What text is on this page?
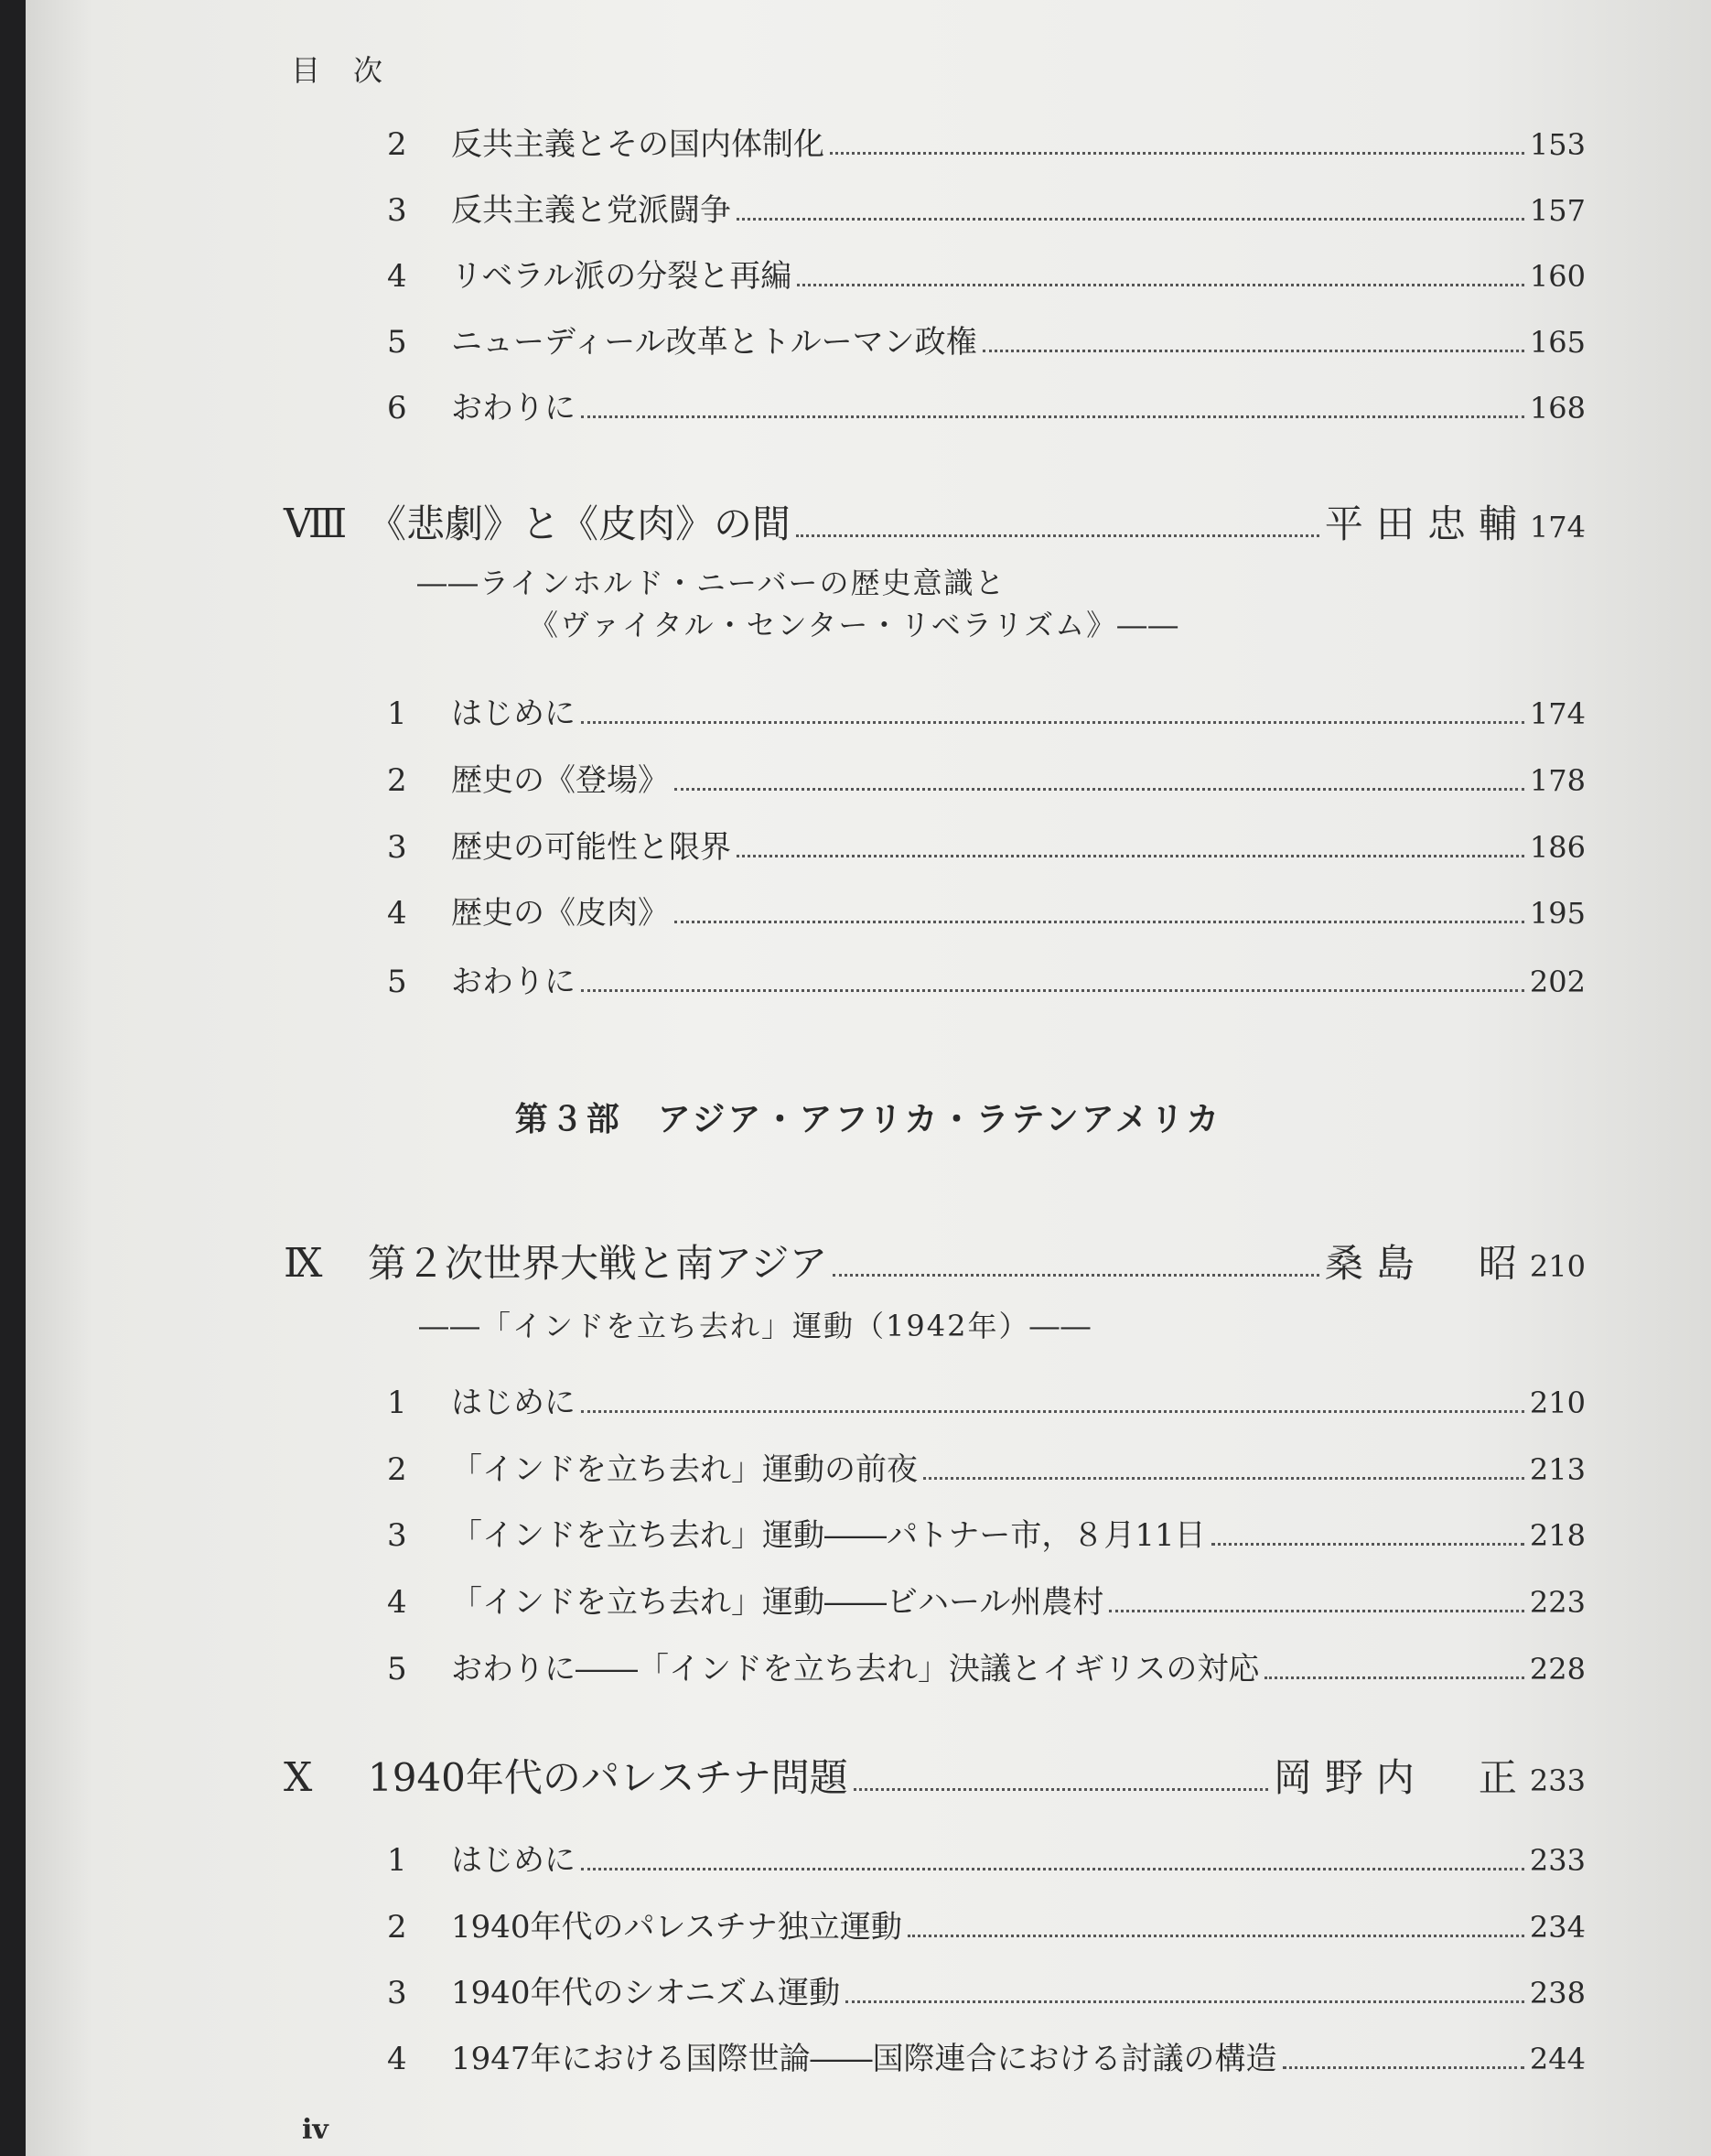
目次
2	反共主義とその国内体制化	153
3	反共主義と党派闘争	157
4	リベラル派の分裂と再編	160
5	ニューディール改革とトルーマン政権	165
6	おわりに	168
Ⅷ 《悲劇》と《皮肉》の間	平田忠輔 174
――ラインホルド・ニーバーの歴史意識と
《ヴァイタル・センター・リベラリズム》――
1	はじめに	174
2	歴史の《登場》	178
3	歴史の可能性と限界	186
4	歴史の《皮肉》	195
5	おわりに	202
第３部　アジア・アフリカ・ラテンアメリカ
Ⅸ	第２次世界大戦と南アジア	桑島　昭 210
――「インドを立ち去れ」運動（1942年）――
1	はじめに	210
2	「インドを立ち去れ」運動の前夜	213
3	「インドを立ち去れ」運動――パトナー市，８月11日	218
4	「インドを立ち去れ」運動――ビハール州農村	223
5	おわりに――「インドを立ち去れ」決議とイギリスの対応	228
Ⅹ	1940年代のパレスチナ問題	岡野内　正 233
1	はじめに	233
2	1940年代のパレスチナ独立運動	234
3	1940年代のシオニズム運動	238
4	1947年における国際世論――国際連合における討議の構造	244
iv
